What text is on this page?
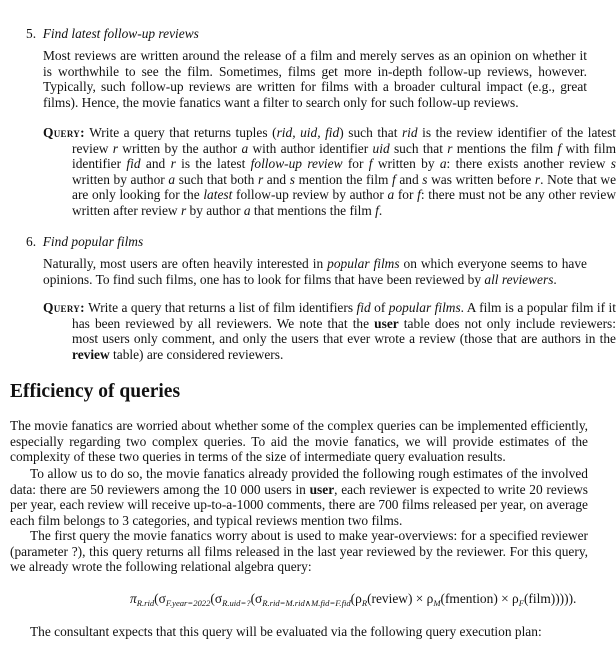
5. Find latest follow-up reviews
Most reviews are written around the release of a film and merely serves as an opinion on whether it is worthwhile to see the film. Sometimes, films get more in-depth follow-up reviews, however. Typically, such follow-up reviews are written for films with a broader cultural impact (e.g., great films). Hence, the movie fanatics want a filter to search only for such follow-up reviews.
Query: Write a query that returns tuples (rid, uid, fid) such that rid is the review identifier of the latest review r written by the author a with author identifier uid such that r mentions the film f with film identifier fid and r is the latest follow-up review for f written by a: there exists another review s written by author a such that both r and s mention the film f and s was written before r. Note that we are only looking for the latest follow-up review by author a for f: there must not be any other review written after review r by author a that mentions the film f.
6. Find popular films
Naturally, most users are often heavily interested in popular films on which everyone seems to have opinions. To find such films, one has to look for films that have been reviewed by all reviewers.
Query: Write a query that returns a list of film identifiers fid of popular films. A film is a popular film if it has been reviewed by all reviewers. We note that the user table does not only include reviewers: most users only comment, and only the users that ever wrote a review (those that are authors in the review table) are considered reviewers.
Efficiency of queries
The movie fanatics are worried about whether some of the complex queries can be implemented efficiently, especially regarding two complex queries. To aid the movie fanatics, we will provide estimates of the complexity of these two queries in terms of the size of intermediate query evaluation results.
To allow us to do so, the movie fanatics already provided the following rough estimates of the involved data: there are 50 reviewers among the 10 000 users in user, each reviewer is expected to write 20 reviews per year, each review will receive up-to-a-1000 comments, there are 700 films released per year, on average each film belongs to 3 categories, and typical reviews mention two films.
The first query the movie fanatics worry about is used to make year-overviews: for a specified reviewer (parameter ?), this query returns all films released in the last year reviewed by the reviewer. For this query, we already wrote the following relational algebra query:
$\pi_{R.rid}(\sigma_{F.year=2022}(\sigma_{R.uid=?}(\sigma_{R.rid=M.rid\wedge M.fid=F.fid}(\rho_R(review)$ × $\rho_M(fmention)$ × $\rho_F(film)$)))).
The consultant expects that this query will be evaluated via the following query execution plan:
